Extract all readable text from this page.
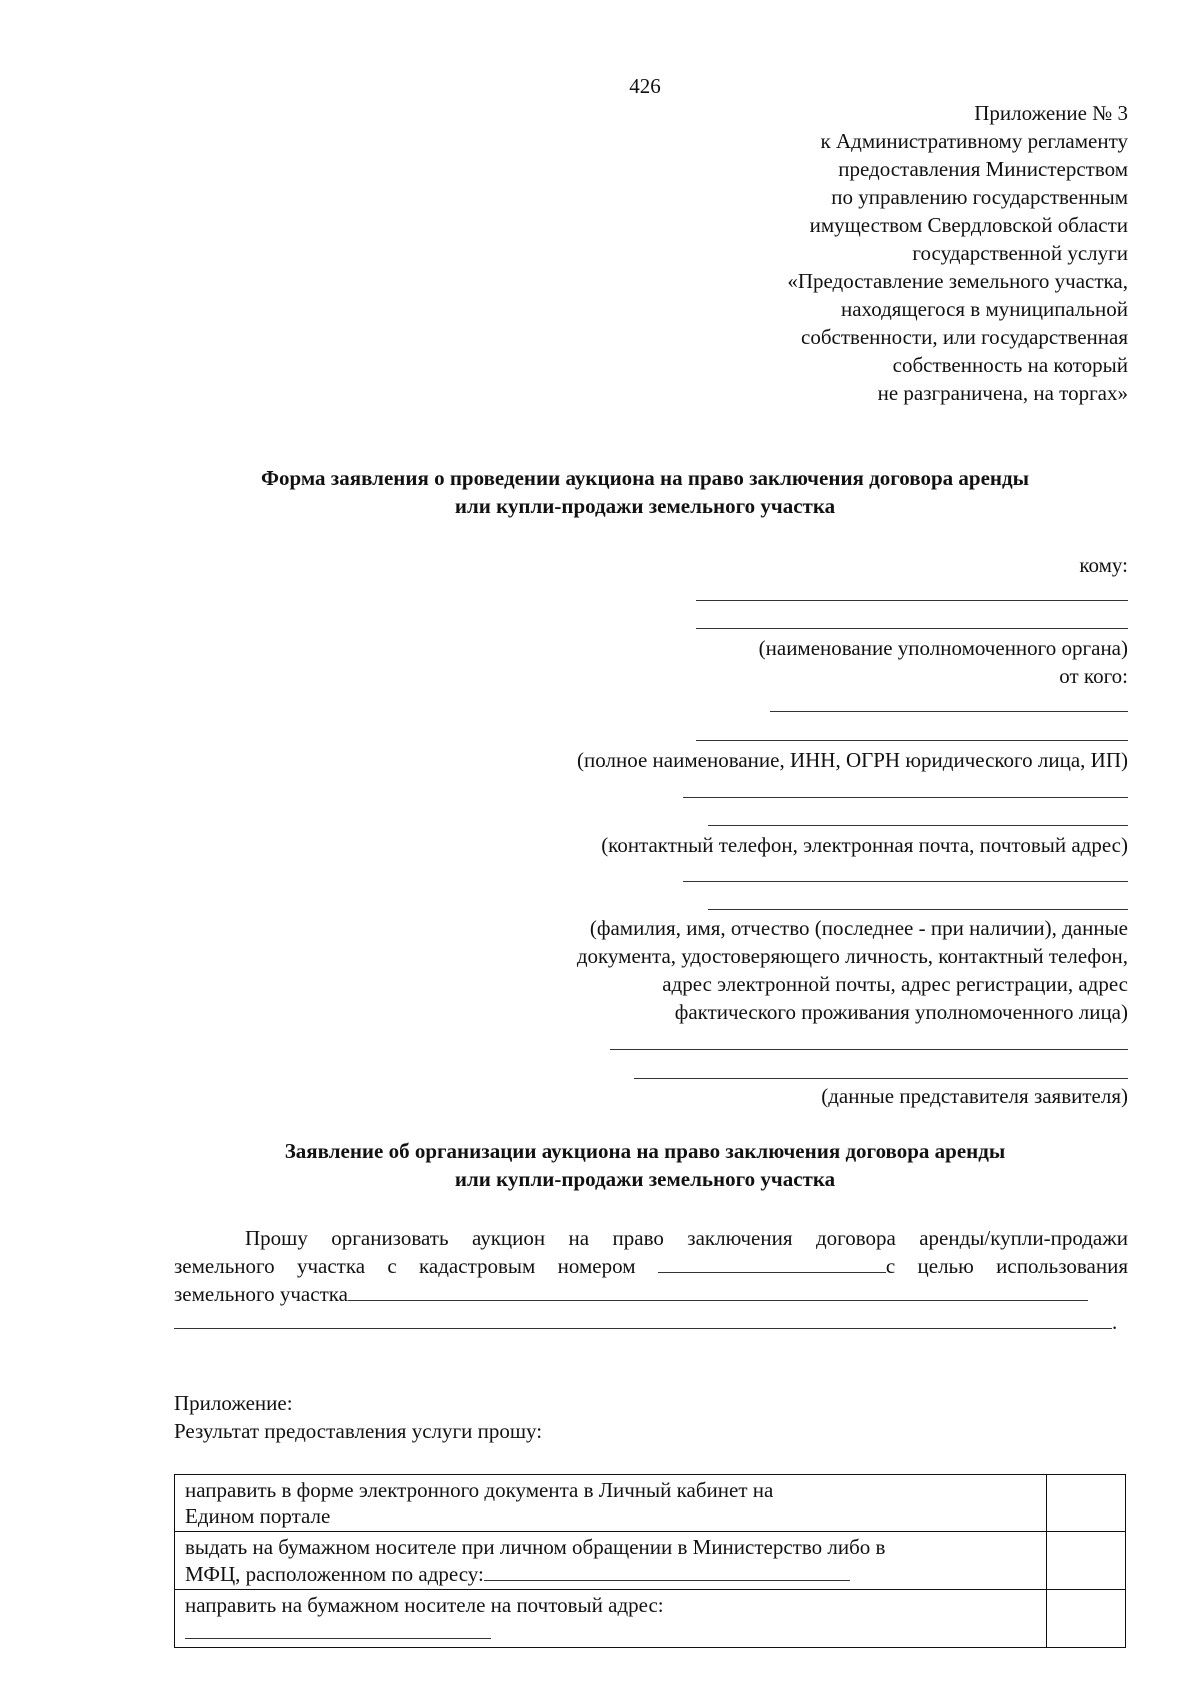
426
Приложение № 3
к Административному регламенту
предоставления Министерством
по управлению государственным
имуществом Свердловской области
государственной услуги
«Предоставление земельного участка,
находящегося в муниципальной
собственности, или государственная
собственность на который
не разграничена, на торгах»
Форма заявления о проведении аукциона на право заключения договора аренды
или купли-продажи земельного участка
кому:
(наименование уполномоченного органа)
от кого:
(полное наименование, ИНН, ОГРН юридического лица, ИП)
(контактный телефон, электронная почта, почтовый адрес)
(фамилия, имя, отчество (последнее - при наличии), данные
документа, удостоверяющего личность, контактный телефон,
адрес электронной почты, адрес регистрации, адрес
фактического проживания уполномоченного лица)
(данные представителя заявителя)
Заявление об организации аукциона на право заключения договора аренды
или купли-продажи земельного участка
Прошу организовать аукцион на право заключения договора аренды/купли-продажи
земельного участка с кадастровым номером	с целью использования
земельного участка
.
Приложение:
Результат предоставления услуги прошу:
направить в форме электронного документа в Личный кабинет на
Едином портале	

выдать на бумажном носителе при личном обращении в Министерство либо в
МФЦ, расположенном по адресу:	

направить на бумажном носителе на почтовый адрес:	
